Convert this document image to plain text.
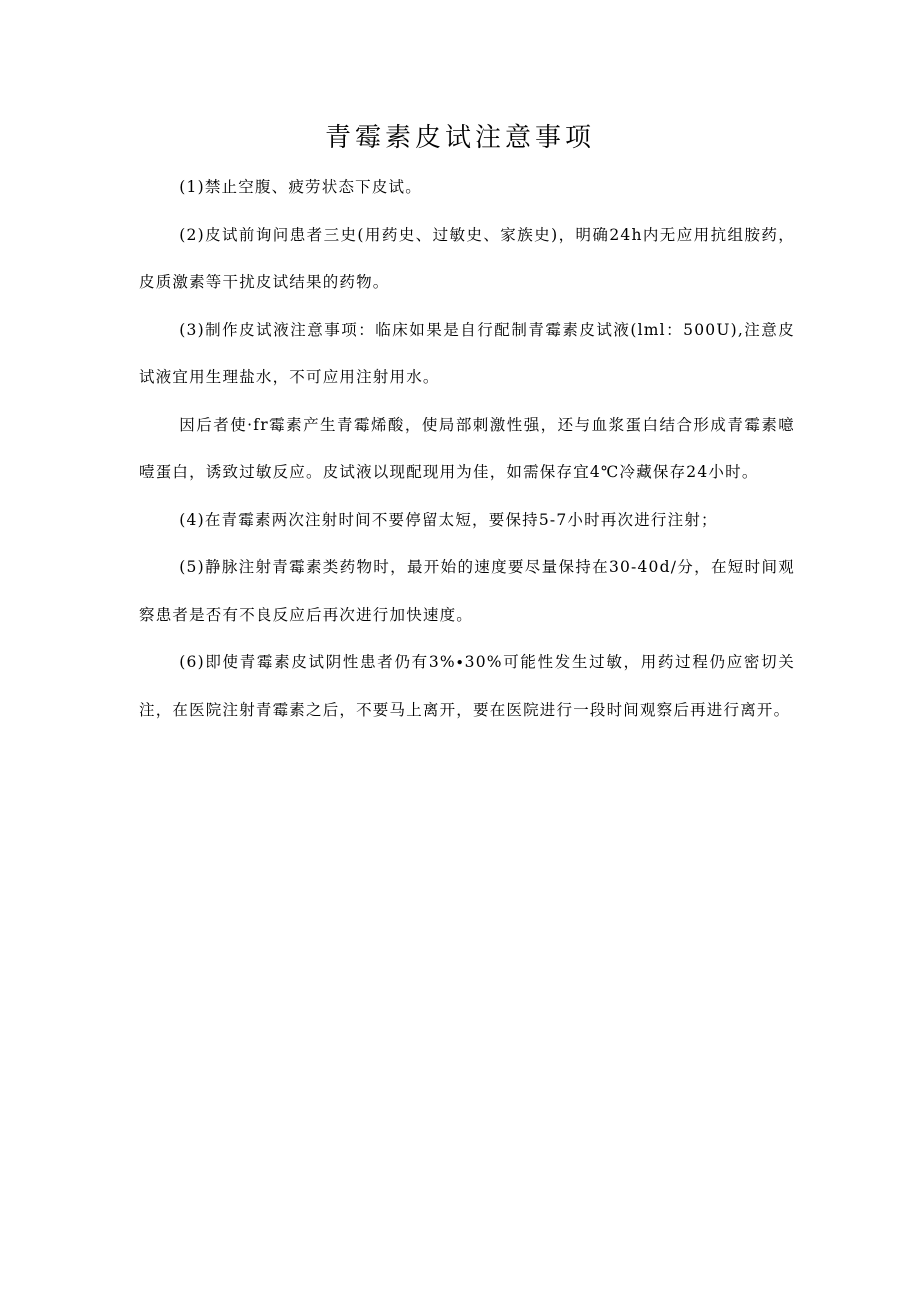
青霉素皮试注意事项

(1)禁止空腹、疲劳状态下皮试。

(2)皮试前询问患者三史(用药史、过敏史、家族史)，明确24h内无应用抗组胺药，皮质激素等干扰皮试结果的药物。

(3)制作皮试液注意事项：临床如果是自行配制青霉素皮试液(lml：500U),注意皮试液宜用生理盐水，不可应用注射用水。

因后者使·fr霉素产生青霉烯酸，使局部刺激性强，还与血浆蛋白结合形成青霉素噫噎蛋白，诱致过敏反应。皮试液以现配现用为佳，如需保存宜4℃冷藏保存24小时。

(4)在青霉素两次注射时间不要停留太短，要保持5-7小时再次进行注射；

(5)静脉注射青霉素类药物时，最开始的速度要尽量保持在30-40d∕分，在短时间观察患者是否有不良反应后再次进行加快速度。

(6)即使青霉素皮试阴性患者仍有3%∙30%可能性发生过敏，用药过程仍应密切关注，在医院注射青霉素之后，不要马上离开，要在医院进行一段时间观察后再进行离开。
